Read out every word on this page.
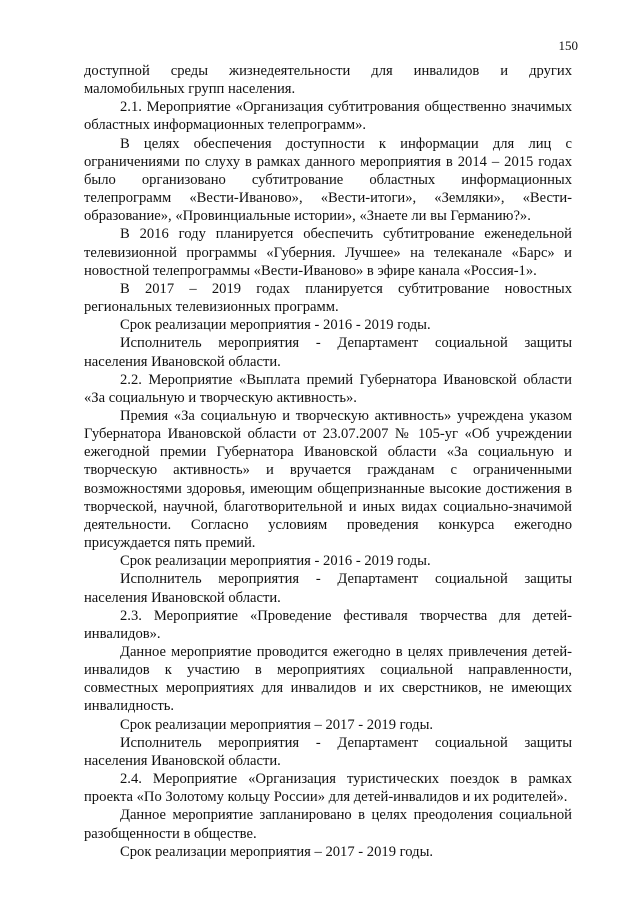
150

доступной среды жизнедеятельности для инвалидов и других маломобильных групп населения.

2.1. Мероприятие «Организация субтитрования общественно значимых областных информационных телепрограмм».

В целях обеспечения доступности к информации для лиц с ограничениями по слуху в рамках данного мероприятия в 2014 – 2015 годах было организовано субтитрование областных информационных телепрограмм «Вести-Иваново», «Вести-итоги», «Земляки», «Вести-образование», «Провинциальные истории», «Знаете ли вы Германию?».

В 2016 году планируется обеспечить субтитрование еженедельной телевизионной программы «Губерния. Лучшее» на телеканале «Барс» и новостной телепрограммы «Вести-Иваново» в эфире канала «Россия-1».

В 2017 – 2019 годах планируется субтитрование новостных региональных телевизионных программ.

Срок реализации мероприятия - 2016 - 2019 годы.

Исполнитель мероприятия - Департамент социальной защиты населения Ивановской области.

2.2. Мероприятие «Выплата премий Губернатора Ивановской области «За социальную и творческую активность».

Премия «За социальную и творческую активность» учреждена указом Губернатора Ивановской области от 23.07.2007 № 105-уг «Об учреждении ежегодной премии Губернатора Ивановской области «За социальную и творческую активность» и вручается гражданам с ограниченными возможностями здоровья, имеющим общепризнанные высокие достижения в творческой, научной, благотворительной и иных видах социально-значимой деятельности. Согласно условиям проведения конкурса ежегодно присуждается пять премий.

Срок реализации мероприятия - 2016 - 2019 годы.

Исполнитель мероприятия - Департамент социальной защиты населения Ивановской области.

2.3. Мероприятие «Проведение фестиваля творчества для детей-инвалидов».

Данное мероприятие проводится ежегодно в целях привлечения детей-инвалидов к участию в мероприятиях социальной направленности, совместных мероприятиях для инвалидов и их сверстников, не имеющих инвалидность.

Срок реализации мероприятия – 2017 - 2019 годы.

Исполнитель мероприятия - Департамент социальной защиты населения Ивановской области.

2.4. Мероприятие «Организация туристических поездок в рамках проекта «По Золотому кольцу России» для детей-инвалидов и их родителей».

Данное мероприятие запланировано в целях преодоления социальной разобщенности в обществе.

Срок реализации мероприятия – 2017 - 2019 годы.
